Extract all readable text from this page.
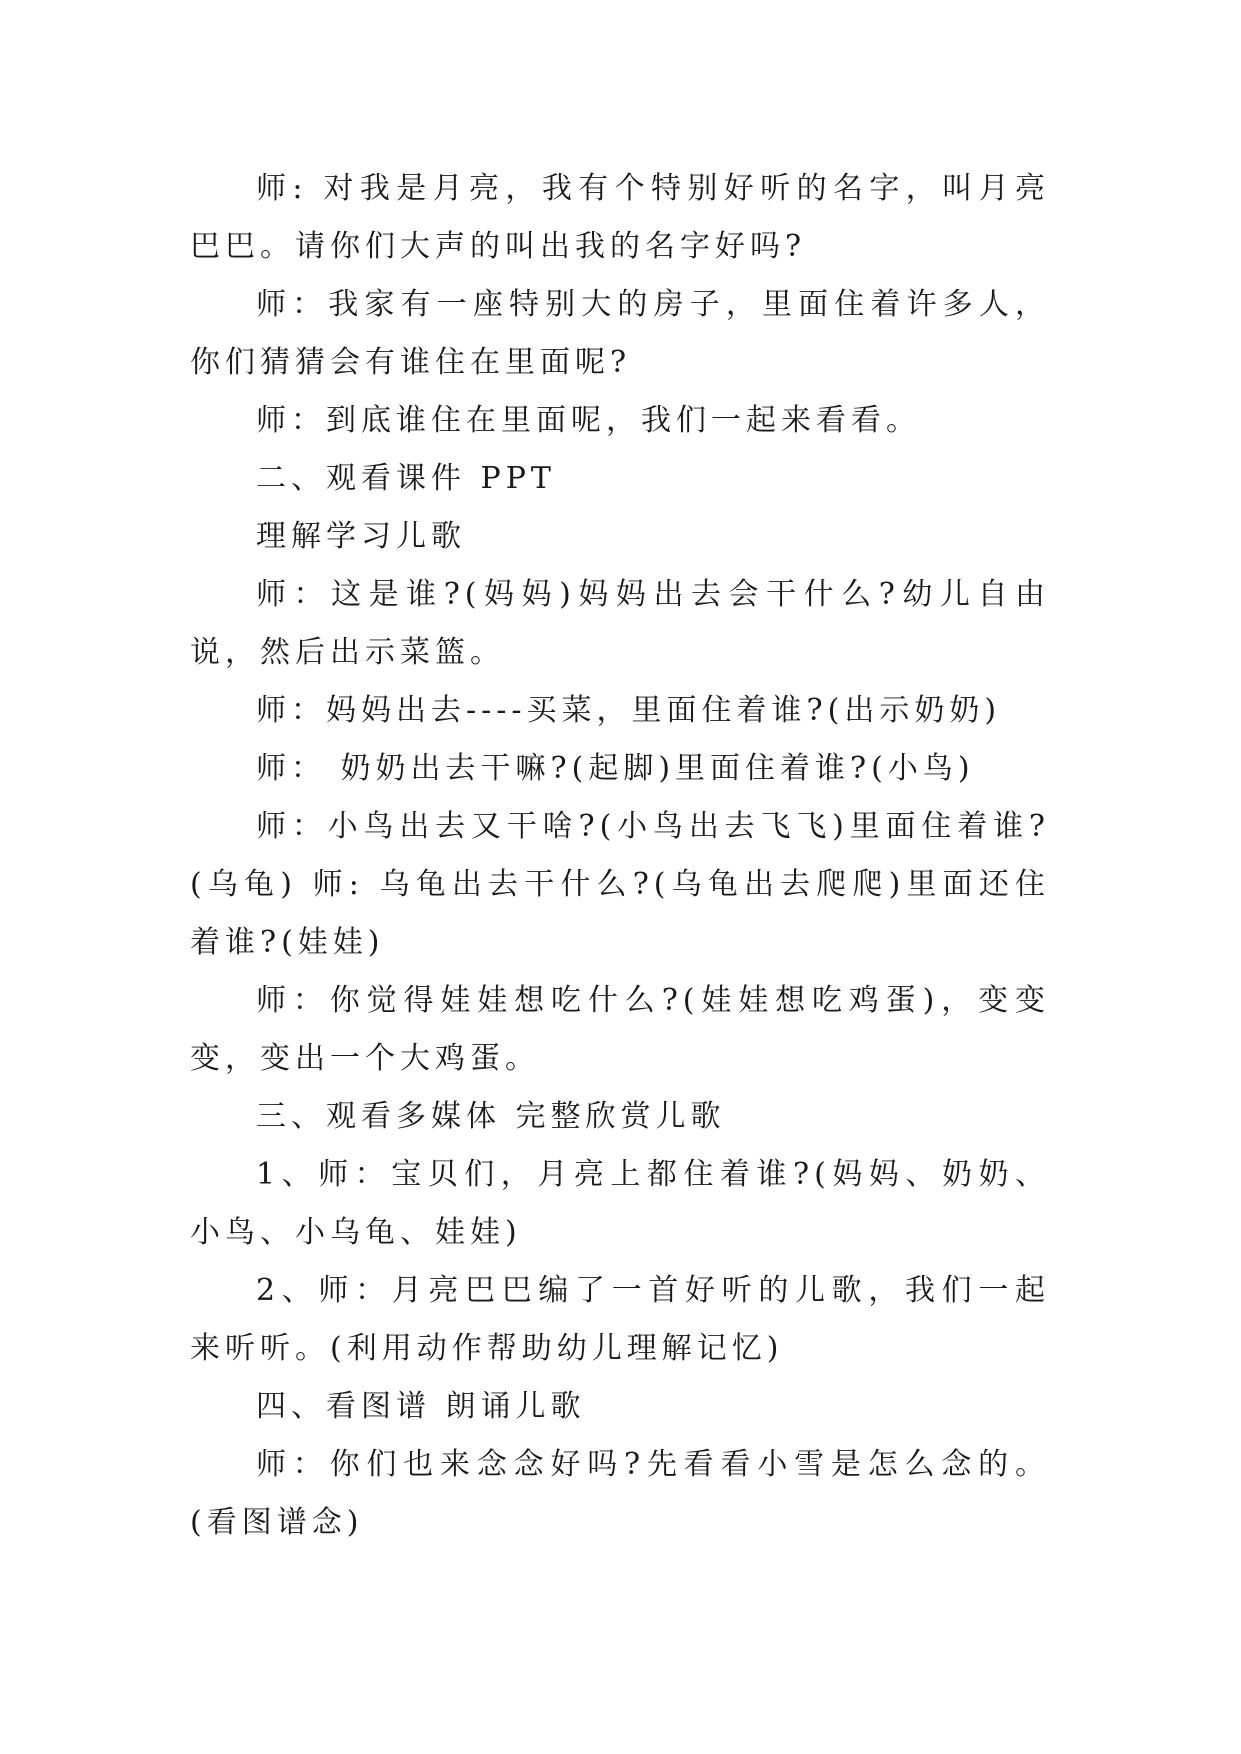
师: 对我是月亮，我有个特别好听的名字，叫月亮巴巴。请你们大声的叫出我的名字好吗?

师：我家有一座特别大的房子，里面住着许多人，你们猜猜会有谁住在里面呢?

师：到底谁住在里面呢，我们一起来看看。

二、观看课件 PPT

理解学习儿歌

师：这是谁?(妈妈)妈妈出去会干什么?幼儿自由说，然后出示菜篮。

师：妈妈出去----买菜，里面住着谁?(出示奶奶)

师： 奶奶出去干嘛?(起脚)里面住着谁?(小鸟)

师：小鸟出去又干啥?(小鸟出去飞飞)里面住着谁?(乌龟) 师: 乌龟出去干什么?(乌龟出去爬爬)里面还住着谁?(娃娃)

师：你觉得娃娃想吃什么?(娃娃想吃鸡蛋)，变变变，变出一个大鸡蛋。

三、观看多媒体 完整欣赏儿歌

1、师：宝贝们，月亮上都住着谁?(妈妈、奶奶、小鸟、小乌龟、娃娃)

2、师：月亮巴巴编了一首好听的儿歌，我们一起来听听。(利用动作帮助幼儿理解记忆)

四、看图谱 朗诵儿歌

师：你们也来念念好吗?先看看小雪是怎么念的。(看图谱念)
